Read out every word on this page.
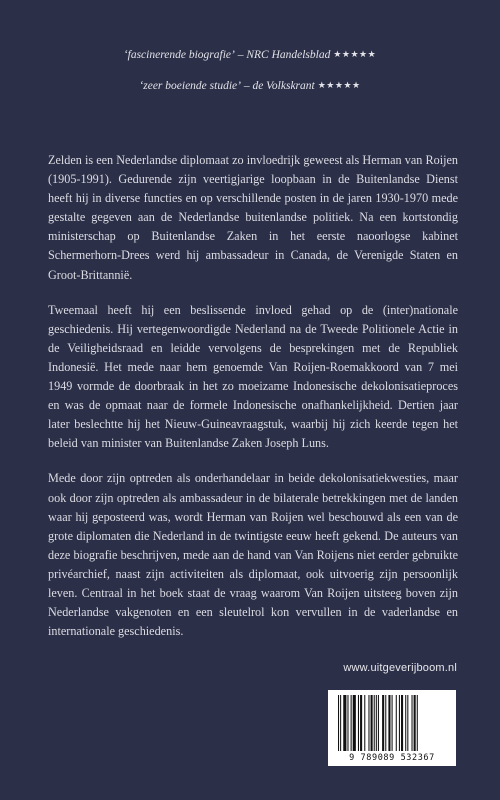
‘fascinerende biografie’ – NRC Handelsblad ★★★★★
‘zeer boeiende studie’ – de Volkskrant ★★★★★

Zelden is een Nederlandse diplomaat zo invloedrijk geweest als Herman van Roijen (1905-1991). Gedurende zijn veertigjarige loopbaan in de Buitenlandse Dienst heeft hij in diverse functies en op verschillende posten in de jaren 1930-1970 mede gestalte gegeven aan de Nederlandse buitenlandse politiek. Na een kortstondig ministerschap op Buitenlandse Zaken in het eerste naoorlogse kabinet Schermerhorn-Drees werd hij ambassadeur in Canada, de Verenigde Staten en Groot-Brittannië.

Tweemaal heeft hij een beslissende invloed gehad op de (inter)nationale geschiedenis. Hij vertegenwoordigde Nederland na de Tweede Politionele Actie in de Veiligheidsraad en leidde vervolgens de besprekingen met de Republiek Indonesië. Het mede naar hem genoemde Van Roijen-Roemakkoord van 7 mei 1949 vormde de doorbraak in het zo moeizame Indonesische dekolonisatieproces en was de opmaat naar de formele Indonesische onafhankelijkheid. Dertien jaar later beslechtte hij het Nieuw-Guineavraagstuk, waarbij hij zich keerde tegen het beleid van minister van Buitenlandse Zaken Joseph Luns.

Mede door zijn optreden als onderhandelaar in beide dekolonisatiekwesties, maar ook door zijn optreden als ambassadeur in de bilaterale betrekkingen met de landen waar hij geposteerd was, wordt Herman van Roijen wel beschouwd als een van de grote diplomaten die Nederland in de twintigste eeuw heeft gekend. De auteurs van deze biografie beschrijven, mede aan de hand van Van Roijens niet eerder gebruikte privéarchief, naast zijn activiteiten als diplomaat, ook uitvoerig zijn persoonlijk leven. Centraal in het boek staat de vraag waarom Van Roijen uitsteeg boven zijn Nederlandse vakgenoten en een sleutelrol kon vervullen in de vaderlandse en internationale geschiedenis.

www.uitgeverijboom.nl
9 789089 532367
